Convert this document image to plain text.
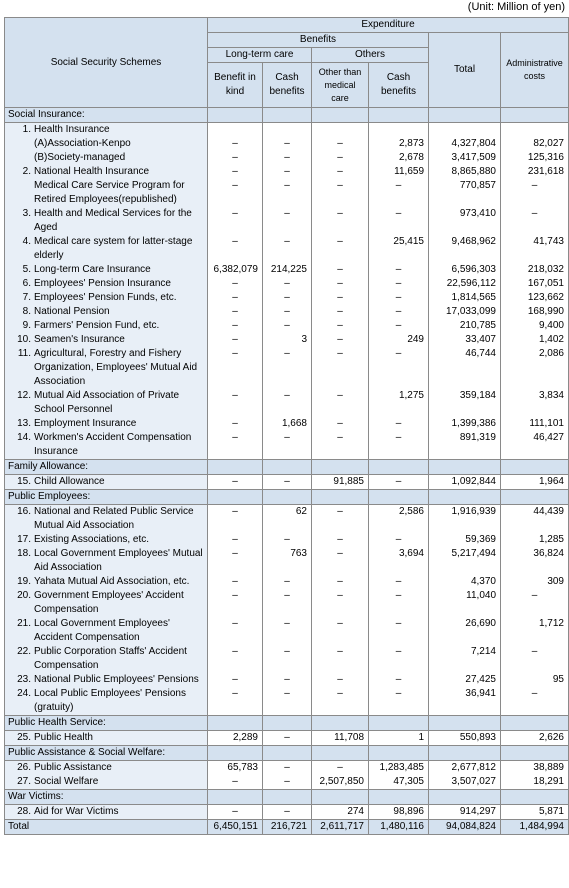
(Unit: Million of yen)
Social Security Schemes	Expenditure					
	Benefits				Total	Administrative costs
	Long-term care		Others			
	Benefit in kind	Cash benefits	Other than medical care	Cash benefits		
Social Insurance:						

1. Health Insurance						

(A)Association-Kenpo	–	–	–	2,873	4,327,804	82,027

(B)Society-managed	–	–	–	2,678	3,417,509	125,316

2. National Health Insurance	–	–	–	11,659	8,865,880	231,618

Medical Care Service Program for Retired Employees(republished)	–	–	–	–	770,857	–

3. Health and Medical Services for the Aged	–	–	–	–	973,410	–

4. Medical care system for latter-stage elderly	–	–	–	25,415	9,468,962	41,743

5. Long-term Care Insurance	6,382,079	214,225	–	–	6,596,303	218,032

6. Employees' Pension Insurance	–	–	–	–	22,596,112	167,051

7. Employees' Pension Funds, etc.	–	–	–	–	1,814,565	123,662

8. National Pension	–	–	–	–	17,033,099	168,990

9. Farmers' Pension Fund, etc.	–	–	–	–	210,785	9,400

10. Seamen's Insurance	–	3	–	249	33,407	1,402

11. Agricultural, Forestry and Fishery Organization, Employees' Mutual Aid Association	–	–	–	–	46,744	2,086

12. Mutual Aid Association of Private School Personnel	–	–	–	1,275	359,184	3,834

13. Employment Insurance	–	1,668	–	–	1,399,386	111,101

14. Workmen's Accident Compensation Insurance	–	–	–	–	891,319	46,427
Family Allowance:						

15. Child Allowance	–	–	91,885	–	1,092,844	1,964
Public Employees:						

16. National and Related Public Service Mutual Aid Association	–	62	–	2,586	1,916,939	44,439

17. Existing Associations, etc.	–	–	–	–	59,369	1,285

18. Local Government Employees' Mutual Aid Association	–	763	–	3,694	5,217,494	36,824

19. Yahata Mutual Aid Association, etc.	–	–	–	–	4,370	309

20. Government Employees' Accident Compensation	–	–	–	–	11,040	–

21. Local Government Employees' Accident Compensation	–	–	–	–	26,690	1,712

22. Public Corporation Staffs' Accident Compensation	–	–	–	–	7,214	–

23. National Public Employees' Pensions	–	–	–	–	27,425	95

24. Local Public Employees' Pensions (gratuity)	–	–	–	–	36,941	–
Public Health Service:						

25. Public Health	2,289	–	11,708	1	550,893	2,626
Public Assistance & Social Welfare:						

26. Public Assistance	65,783	–	–	1,283,485	2,677,812	38,889

27. Social Welfare	–	–	2,507,850	47,305	3,507,027	18,291
War Victims:						

28. Aid for War Victims	–	–	274	98,896	914,297	5,871
Total	6,450,151	216,721	2,611,717	1,480,116	94,084,824	1,484,994
